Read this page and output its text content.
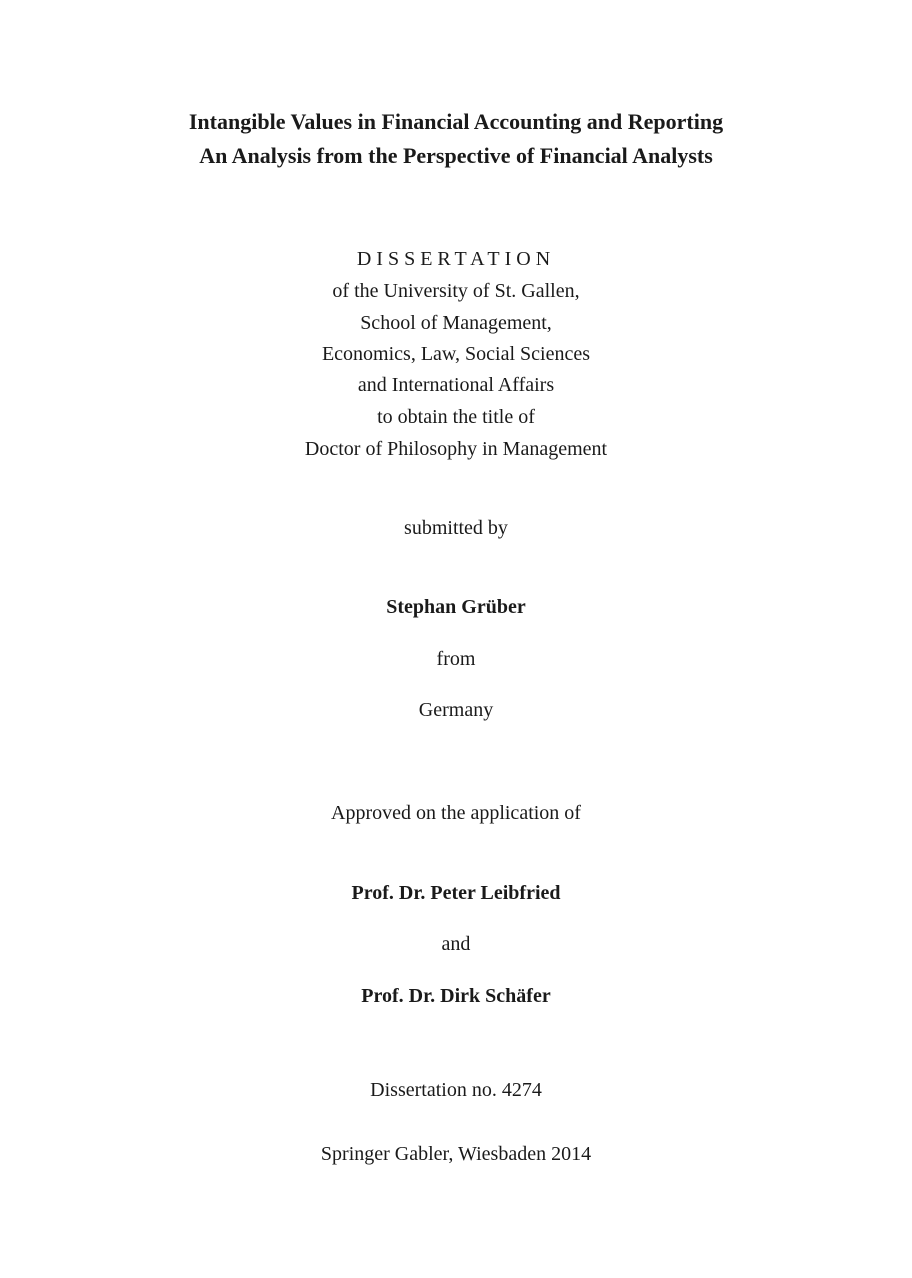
Intangible Values in Financial Accounting and Reporting
An Analysis from the Perspective of Financial Analysts
DISSERTATION
of the University of St. Gallen,
School of Management,
Economics, Law, Social Sciences
and International Affairs
to obtain the title of
Doctor of Philosophy in Management
submitted by
Stephan Grüber
from
Germany
Approved on the application of
Prof. Dr. Peter Leibfried
and
Prof. Dr. Dirk Schäfer
Dissertation no. 4274
Springer Gabler, Wiesbaden 2014
